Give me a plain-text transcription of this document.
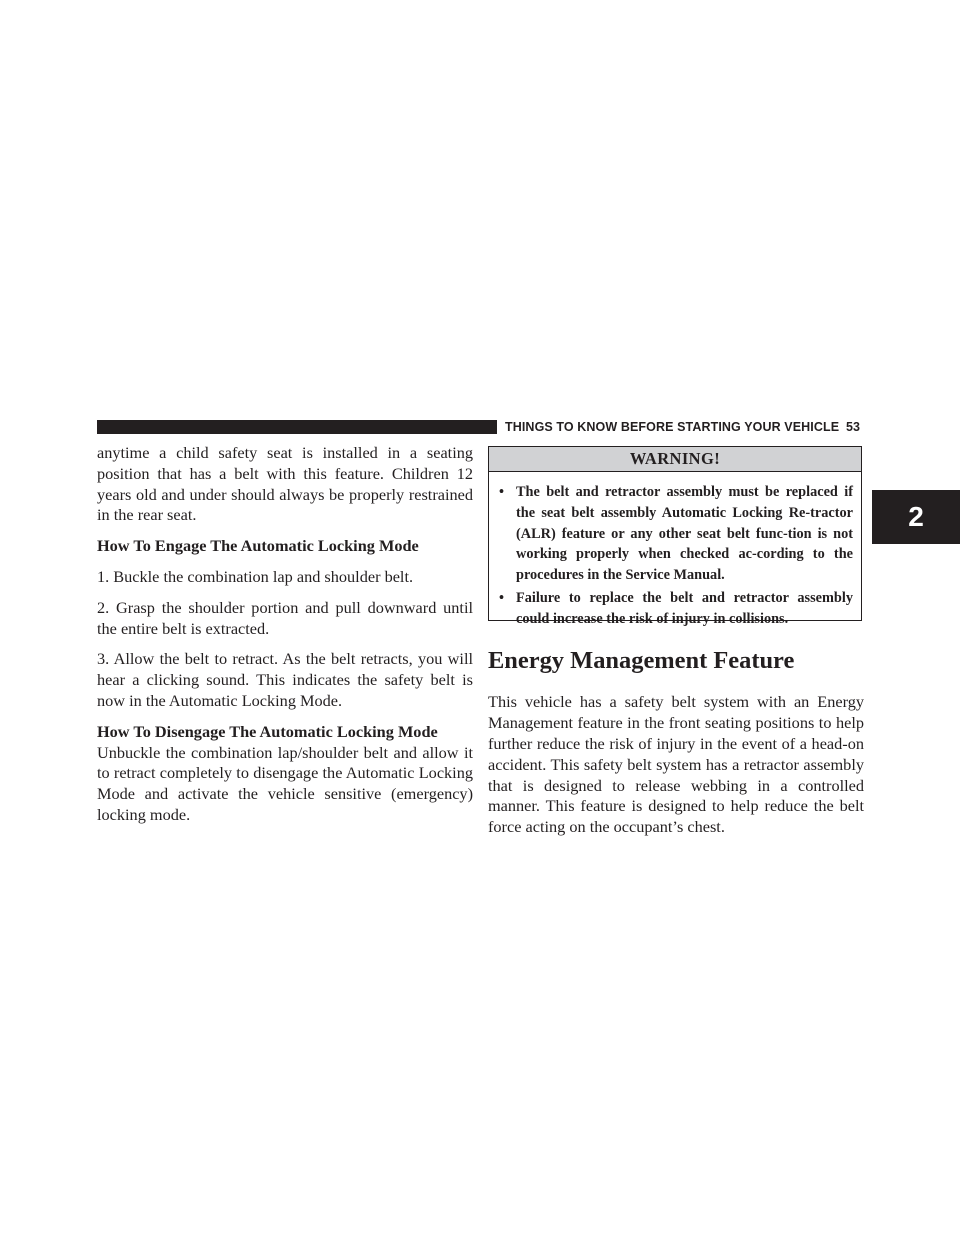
THINGS TO KNOW BEFORE STARTING YOUR VEHICLE 53
2

anytime a child safety seat is installed in a seating position that has a belt with this feature. Children 12 years old and under should always be properly restrained in the rear seat.

How To Engage The Automatic Locking Mode

1. Buckle the combination lap and shoulder belt.

2. Grasp the shoulder portion and pull downward until the entire belt is extracted.

3. Allow the belt to retract. As the belt retracts, you will hear a clicking sound. This indicates the safety belt is now in the Automatic Locking Mode.

How To Disengage The Automatic Locking Mode

Unbuckle the combination lap/shoulder belt and allow it to retract completely to disengage the Automatic Locking Mode and activate the vehicle sensitive (emergency) locking mode.

WARNING!
• The belt and retractor assembly must be replaced if the seat belt assembly Automatic Locking Re-tractor (ALR) feature or any other seat belt func-tion is not working properly when checked ac-cording to the procedures in the Service Manual.
• Failure to replace the belt and retractor assembly could increase the risk of injury in collisions.
Energy Management Feature

This vehicle has a safety belt system with an Energy Management feature in the front seating positions to help further reduce the risk of injury in the event of a head-on accident. This safety belt system has a retractor assembly that is designed to release webbing in a controlled manner. This feature is designed to help reduce the belt force acting on the occupant’s chest.
